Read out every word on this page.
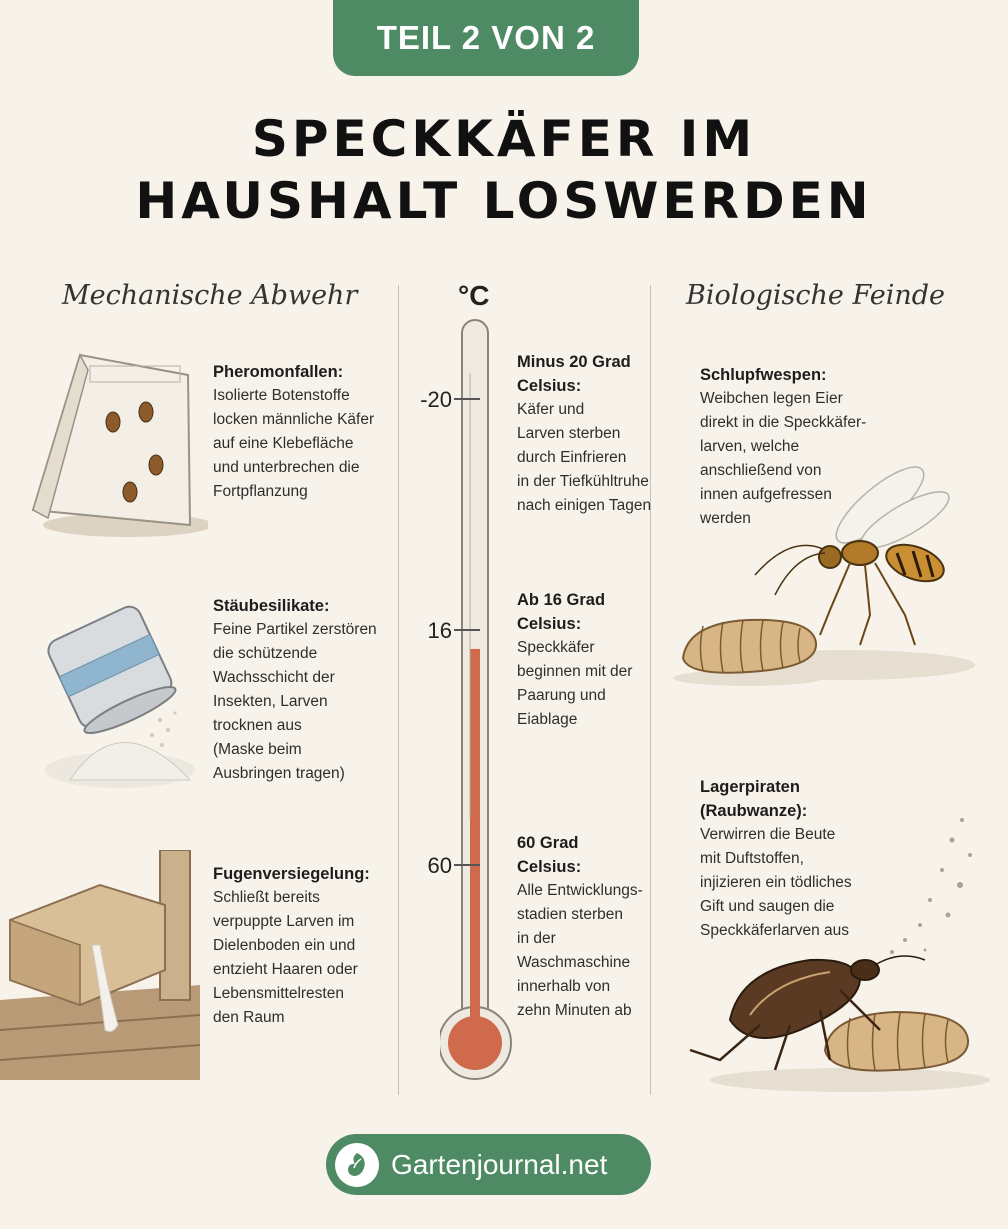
TEIL 2 VON 2
SPECKKÄFER IM
HAUSHALT LOSWERDEN
Mechanische Abwehr	Biologische Feinde
Pheromonfallen:
Isolierte Botenstoffe
locken männliche Käfer
auf eine Klebefläche
und unterbrechen die
Fortpflanzung
Stäubesilikate:
Feine Partikel zerstören
die schützende
Wachsschicht der
Insekten, Larven
trocknen aus
(Maske beim
Ausbringen tragen)
Fugenversiegelung:
Schließt bereits
verpuppte Larven im
Dielenboden ein und
entzieht Haaren oder
Lebensmittelresten
den Raum
°C
-20
16
60
Minus 20 Grad
Celsius:
Käfer und
Larven sterben
durch Einfrieren
in der Tiefkühltruhe
nach einigen Tagen
Ab 16 Grad
Celsius:
Speckkäfer
beginnen mit der
Paarung und
Eiablage
60 Grad
Celsius:
Alle Entwicklungs-
stadien sterben
in der Waschmaschine
innerhalb von
zehn Minuten ab
Schlupfwespen:
Weibchen legen Eier
direkt in die Speckkäfer-
larven, welche
anschließend von
innen aufgefressen
werden
Lagerpiraten
(Raubwanze):
Verwirren die Beute
mit Duftstoffen,
injizieren ein tödliches
Gift und saugen die
Speckkäferlarven aus
Gartenjournal.net
